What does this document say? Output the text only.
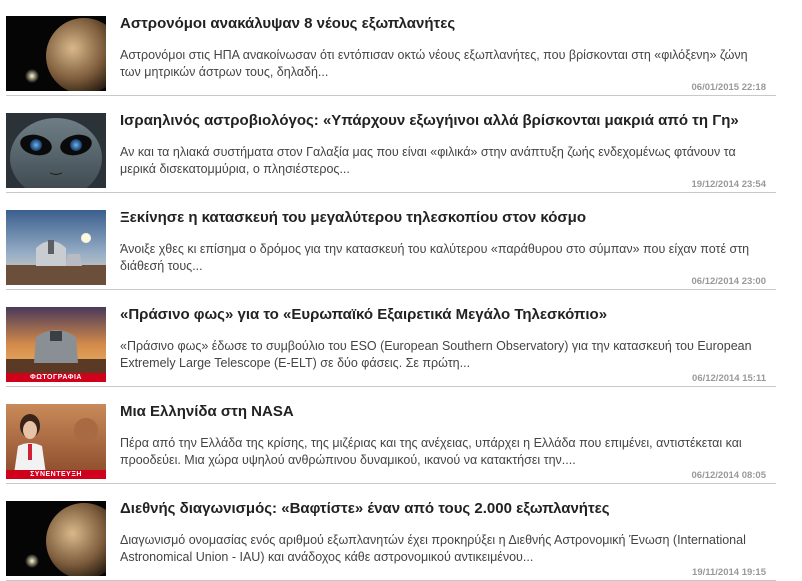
Αστρονόμοι ανακάλυψαν 8 νέους εξωπλανήτες
Αστρονόμοι στις ΗΠΑ ανακοίνωσαν ότι εντόπισαν οκτώ νέους εξωπλανήτες, που βρίσκονται στη «φιλόξενη» ζώνη των μητρικών άστρων τους, δηλαδή...
06/01/2015 22:18
Ισραηλινός αστροβιολόγος: «Υπάρχουν εξωγήινοι αλλά βρίσκονται μακριά από τη Γη»
Αν και τα ηλιακά συστήματα στον Γαλαξία μας που είναι «φιλικά» στην ανάπτυξη ζωής ενδεχομένως φτάνουν τα μερικά δισεκατομμύρια, ο πλησιέστερος...
19/12/2014 23:54
Ξεκίνησε η κατασκευή του μεγαλύτερου τηλεσκοπίου στον κόσμο
Άνοιξε χθες κι επίσημα ο δρόμος για την κατασκευή του καλύτερου «παράθυρου στο σύμπαν» που είχαν ποτέ στη διάθεσή τους...
06/12/2014 23:00
ΦΩΤΟΓΡΑΦΙΑ
«Πράσινο φως» για το «Ευρωπαϊκό Εξαιρετικά Μεγάλο Τηλεσκόπιο»
«Πράσινο φως» έδωσε το συμβούλιο του ESO (European Southern Observatory) για την κατασκευή του European Extremely Large Telescope (E-ELT) σε δύο φάσεις. Σε πρώτη...
06/12/2014 15:11
ΣΥΝΕΝΤΕΥΞΗ
Μια Ελληνίδα στη NASA
Πέρα από την Ελλάδα της κρίσης, της μιζέριας και της ανέχειας, υπάρχει η Ελλάδα που επιμένει, αντιστέκεται και προοδεύει. Μια χώρα υψηλού ανθρώπινου δυναμικού, ικανού να κατακτήσει την....
06/12/2014 08:05
Διεθνής διαγωνισμός: «Βαφτίστε» έναν από τους 2.000 εξωπλανήτες
Διαγωνισμό ονομασίας ενός αριθμού εξωπλανητών έχει προκηρύξει η Διεθνής Αστρονομική Ένωση (International Astronomical Union - IAU) και ανάδοχος κάθε αστρονομικού αντικειμένου...
19/11/2014 19:15
